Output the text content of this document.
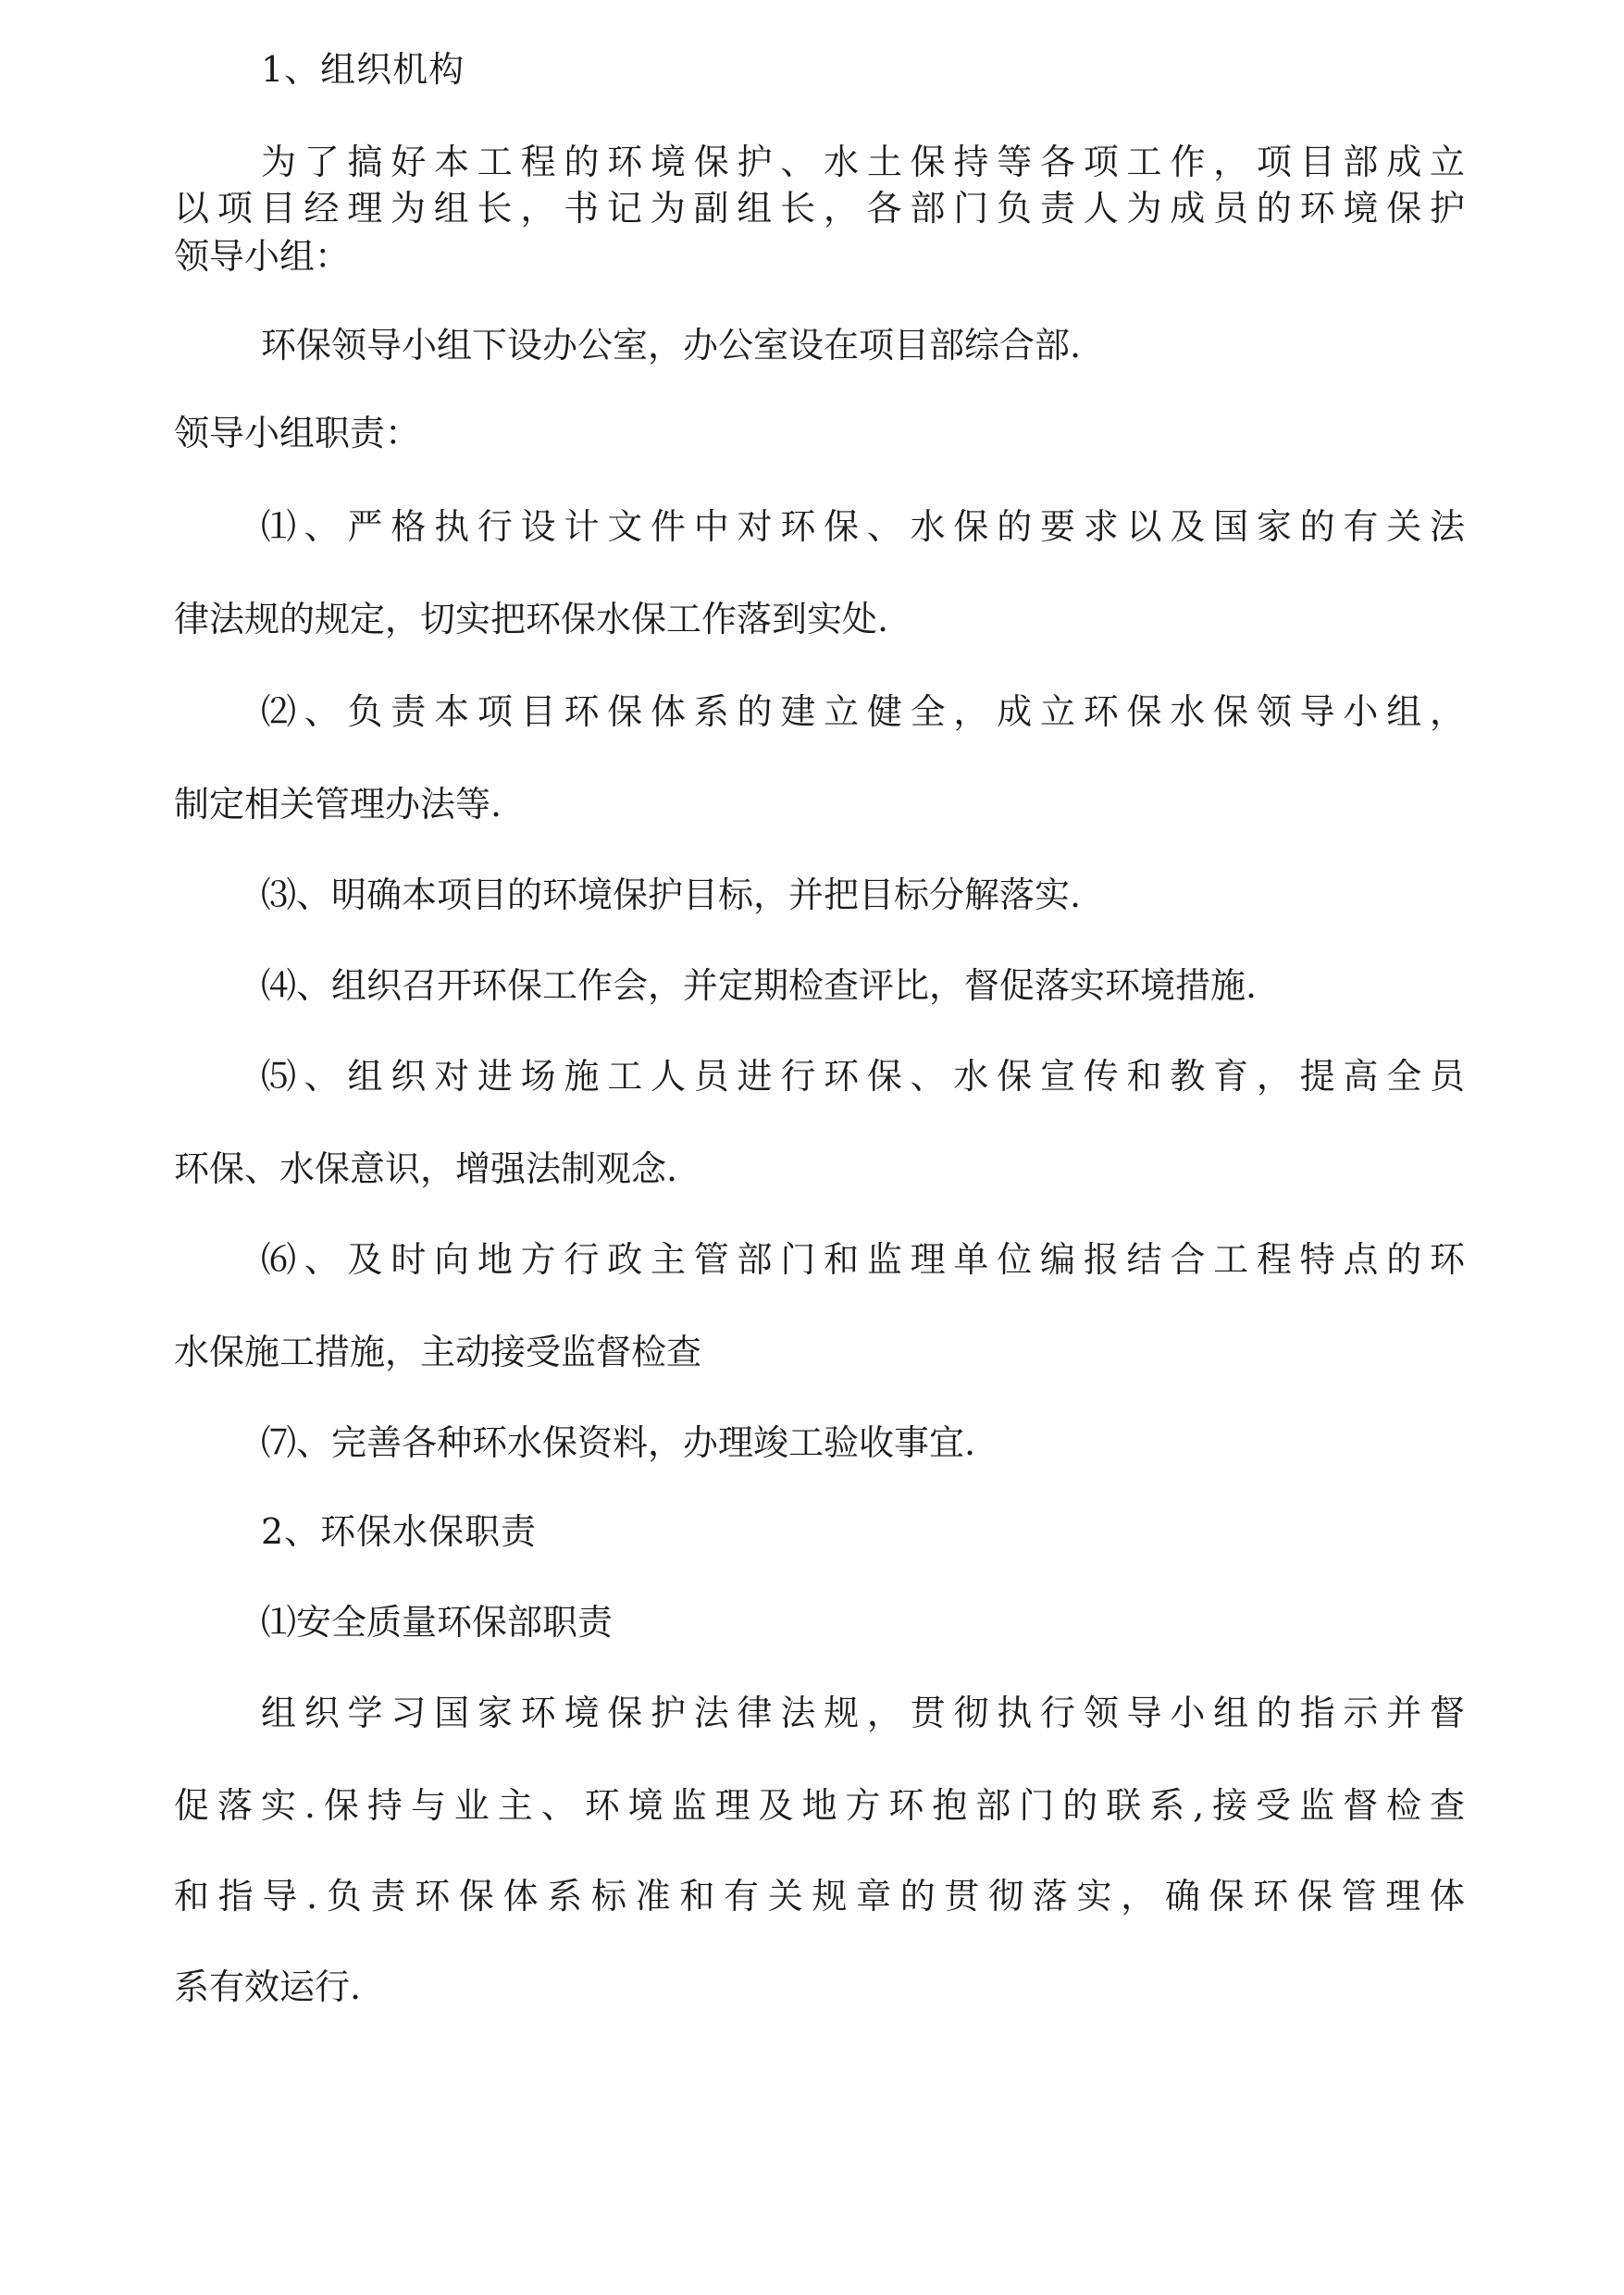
1、组织机构

为了搞好本工程的环境保护、水土保持等各项工作，项目部成立

以项目经理为组长，书记为副组长，各部门负责人为成员的环境保护

领导小组：

环保领导小组下设办公室，办公室设在项目部综合部.

领导小组职责：

⑴、严格执行设计文件中对环保、水保的要求以及国家的有关法

律法规的规定，切实把环保水保工作落到实处.

⑵、负责本项目环保体系的建立健全，成立环保水保领导小组，

制定相关管理办法等.

⑶、明确本项目的环境保护目标，并把目标分解落实.

⑷、组织召开环保工作会，并定期检查评比，督促落实环境措施.

⑸、组织对进场施工人员进行环保、水保宣传和教育，提高全员

环保、水保意识，增强法制观念.

⑹、及时向地方行政主管部门和监理单位编报结合工程特点的环

水保施工措施，主动接受监督检查

⑺、完善各种环水保资料，办理竣工验收事宜.

2、环保水保职责

⑴安全质量环保部职责

组织学习国家环境保护法律法规，贯彻执行领导小组的指示并督

促落实.保持与业主、环境监理及地方环抱部门的联系,接受监督检查

和指导.负责环保体系标准和有关规章的贯彻落实，确保环保管理体

系有效运行.
